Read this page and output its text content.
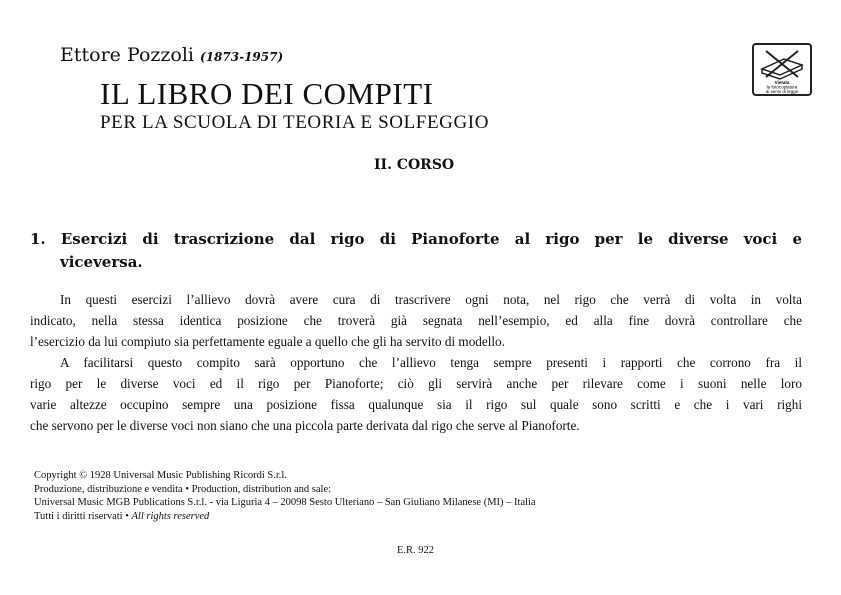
Ettore Pozzoli (1873-1957)
IL LIBRO DEI COMPITI
PER LA SCUOLA DI TEORIA E SOLFEGGIO
II. CORSO
Vietata
la fotocopiatura
ai sensi di legge
1. Esercizi di trascrizione dal rigo di Pianoforte al rigo per le diverse voci e
viceversa.
In questi esercizi l’allievo dovrà avere cura di trascrivere ogni nota, nel rigo che verrà di volta in volta
indicato, nella stessa identica posizione che troverà già segnata nell’esempio, ed alla fine dovrà controllare che
l’esercizio da lui compiuto sia perfettamente eguale a quello che gli ha servito di modello.
A facilitarsi questo compito sarà opportuno che l’allievo tenga sempre presenti i rapporti che corrono fra il
rigo per le diverse voci ed il rigo per Pianoforte; ciò gli servirà anche per rilevare come i suoni nelle loro
varie altezze occupino sempre una posizione fissa qualunque sia il rigo sul quale sono scritti e che i vari righi
che servono per le diverse voci non siano che una piccola parte derivata dal rigo che serve al Pianoforte.
Copyright © 1928 Universal Music Publishing Ricordi S.r.l.
Produzione, distribuzione e vendita • Production, distribution and sale:
Universal Music MGB Publications S.r.l. - via Liguria 4 – 20098 Sesto Ulteriano – San Giuliano Milanese (MI) – Italia
Tutti i diritti riservati • All rights reserved
E.R. 922
